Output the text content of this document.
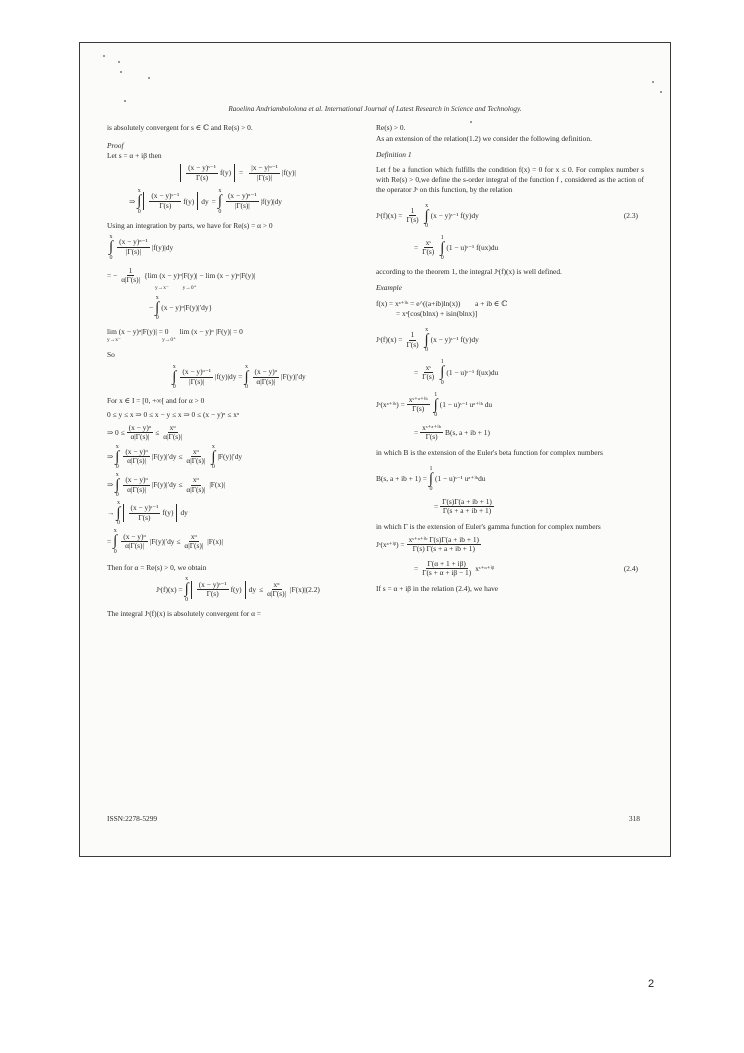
Raoelina Andriambololona et al. International Journal of Latest Research in Science and Technology.

is absolutely convergent for s ∈ ℂ and Re(s) > 0.

Proof

Let s = α + iβ then

$\frac{\text{(x − y)ˢ⁻¹}}{\Gamma(s)} f(y) = \frac{\text{|x − y|ᵅ⁻¹}}{|\Gamma(s)|} |f(y)|$
⇒
x
∫
0
$\frac{\text{(x − y)ˢ⁻¹}}{\Gamma(s)} f(y)$ dy =
x
∫
0
$\frac{\text{(x − y)ᵅ⁻¹}}{|\Gamma(s)|} |f(y)|dy$

Using an integration by parts, we have for Re(s) = α > 0

x
∫
0
$\frac{\text{(x − y)ᵅ⁻¹}}{|\Gamma(s)|} |f(y)|dy$
= − $\frac{1}{\alpha|\Gamma(s)|} \{\lim$ (x − y)ᵅ|F(y)| − lim (x − y)ᵅ|F(y)|
y→x⁻          y→0⁺
−
x
∫
0
(x − y)ᵅ|F(y)|′dy}
lim (x − y)ᵅ|F(y)| = 0      lim (x − y)ᵅ |F(y)| = 0
y→x⁻                              y→0⁺

So

x
∫
0
$\frac{\text{(x − y)ᵅ⁻¹}}{|\Gamma(s)|} |f(y)|dy$ =
x
∫
0
$\frac{\text{(x − y)ᵅ}}{\alpha|\Gamma(s)|} |F(y)|'dy$

For x ∈ I = [0, +∞[ and for α > 0

0 ≤ y ≤ x ⇒ 0 ≤ x − y ≤ x ⇒ 0 ≤ (x − y)ᵅ ≤ xᵅ

⇒ $0 \le \frac{\text{(x − y)ᵅ}}{\alpha|\Gamma(s)|} \le \frac{\text{xᵅ}}{\alpha|\Gamma(s)|}$
⇒
x
∫
0
$\frac{\text{(x − y)ᵅ}}{\alpha|\Gamma(s)|} |F(y)|'dy \le \frac{\text{xᵅ}}{\alpha|\Gamma(s)|}$
x
∫
0
|F(y)|′dy
⇒
x
∫
0
$\frac{\text{(x − y)ᵅ}}{\alpha|\Gamma(s)|} |F(y)|'dy \le \frac{\text{xᵅ}}{\alpha|\Gamma(s)|} |F(x)|$
→
x
∫
0
$\frac{\text{(x − y)ˢ⁻¹}}{\Gamma(s)} f(y)$ dy
=
x
∫
0
$\frac{\text{(x − y)ᵅ}}{\alpha|\Gamma(s)|} |F(y)|'dy \le \frac{\text{xᵅ}}{\alpha|\Gamma(s)|} |F(x)|$

Then for α = Re(s) > 0, we obtain

Jˢ(f)(x) =
x
∫
0
$\frac{\text{(x − y)ˢ⁻¹}}{\Gamma(s)} f(y)$ dy ≤ $\frac{\text{xᵅ}}{\alpha|\Gamma(s)|} |F(x)|(2.2)$

The integral Jˢ(f)(x) is absolutely convergent for α =

Re(s) > 0.

As an extension of the relation(1.2) we consider the following definition.

Definition 1

Let f be a function which fulfills the condition f(x) = 0 for x ≤ 0. For complex number s with Re(s) > 0,we define the s-order integral of the function f , considered as the action of the operator Jˢ on this function, by the relation

Jˢ(f)(x) = $\frac{1}{\Gamma(s)}$
x
∫
0
(x − y)ˢ⁻¹ f(y)dy	(2.3)
= $\frac{\text{xˢ}}{\Gamma(s)}$
1
∫
0
(1 − u)ˢ⁻¹ f(ux)du

according to the theorem 1, the integral Jˢ(f)(x) is well defined.

Example

f(x) = xᵃ⁺ⁱᵇ = e^((a+ib)ln(x))        a + ib ∈ ℂ

= xᵃ[cos(blnx) + isin(blnx)]

Jˢ(f)(x) = $\frac{1}{\Gamma(s)}$
x
∫
0
(x − y)ˢ⁻¹ f(y)dy
= $\frac{\text{xˢ}}{\Gamma(s)}$
1
∫
0
(1 − u)ˢ⁻¹ f(ux)du
Jˢ(xᵃ⁺ⁱᵇ) = $\frac{\text{xˢ⁺ᵃ⁺ⁱᵇ}}{\Gamma(s)}$
1
∫
0
(1 − u)ˢ⁻¹ uᵃ⁺ⁱᵇ du
= $\frac{\text{xˢ⁺ᵃ⁺ⁱᵇ}}{\Gamma(s)} B(s$, a + ib + 1)

in which B is the extension of the Euler's beta function for complex numbers

B(s, a + ib + 1) =
1
∫
0
(1 − u)ˢ⁻¹ uᵃ⁺ⁱᵇdu
= $\frac{\Gamma(s)\Gamma(a + ib + 1)}{\Gamma(s + a + ib + 1)}$

in which Γ is the extension of Euler's gamma function for complex numbers

Jˢ(xᵃ⁺ⁱᵝ) = $\frac{\text{xˢ⁺ᵃ⁺ⁱᵇ Γ(s)Γ(a + ib + 1)}}{\Gamma(s) \Gamma(s + a + ib + 1)}$
= $\frac{\Gamma(\alpha + 1 + i\beta)}{\Gamma(s + \alpha + i\beta - 1)}$ xˢ⁺ᵅ⁺ⁱᵝ	(2.4)

If s = α + iβ in the relation (2.4), we have

ISSN:2278-5299	318
2
